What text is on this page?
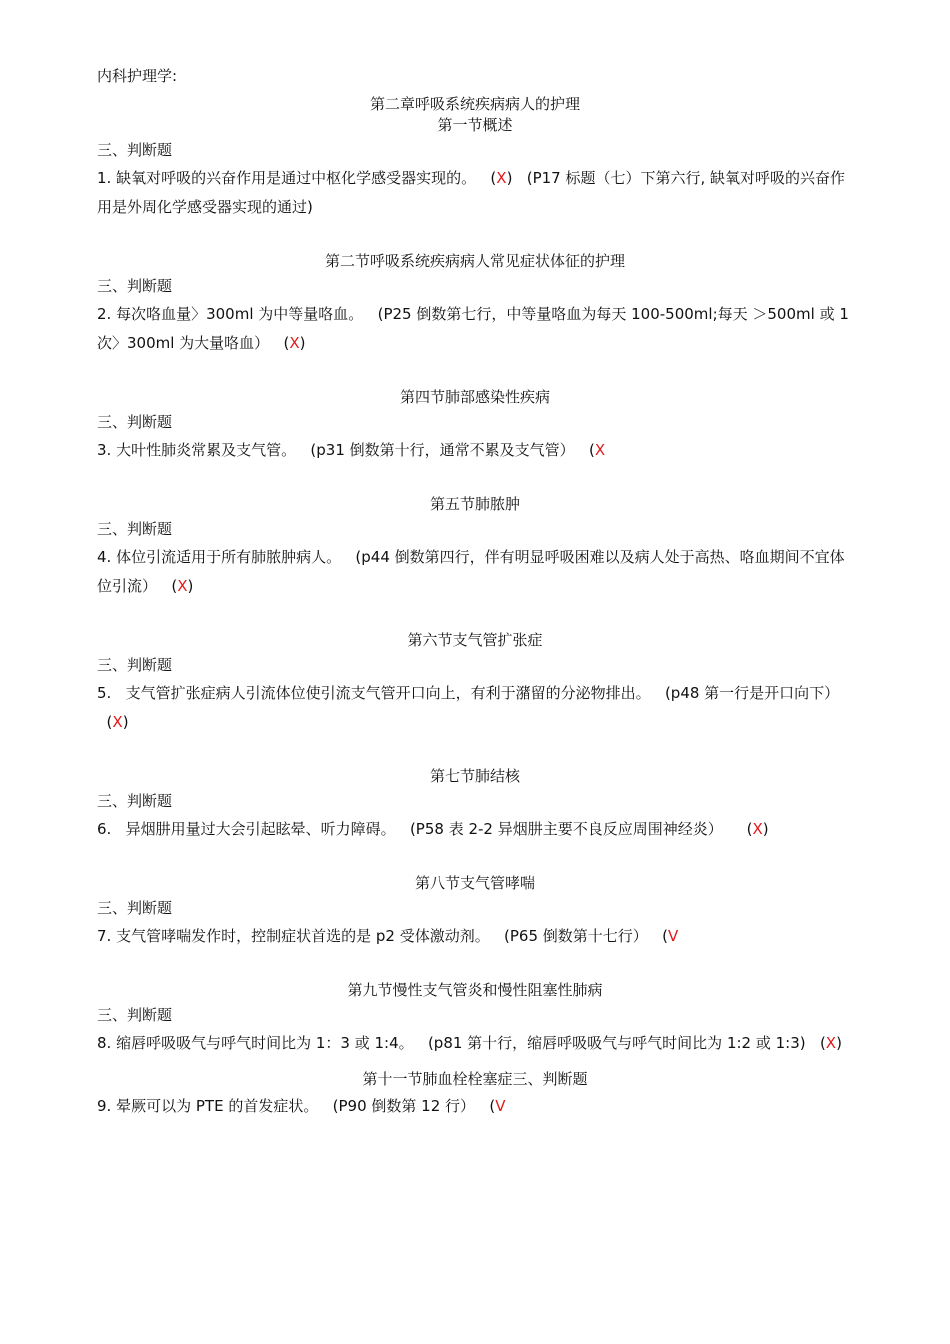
内科护理学:

第二章呼吸系统疾病病人的护理

第一节概述

三、判断题

1. 缺氧对呼吸的兴奋作用是通过中枢化学感受器实现的。 (X) (P17 标题（七）下第六行, 缺氧对呼吸的兴奋作用是外周化学感受器实现的通过)

第二节呼吸系统疾病病人常见症状体征的护理

三、判断题

2. 每次咯血量〉300ml 为中等量咯血。 (P25 倒数第七行，中等量咯血为每天 100-500ml;每天 ＞500ml 或 1 次〉300ml 为大量咯血） (X)

第四节肺部感染性疾病

三、判断题

3. 大叶性肺炎常累及支气管。 (p31 倒数第十行，通常不累及支气管） (X

第五节肺脓肿

三、判断题

4. 体位引流适用于所有肺脓肿病人。 (p44 倒数第四行，伴有明显呼吸困难以及病人处于高热、咯血期间不宜体位引流） (X)

第六节支气管扩张症

三、判断题

5. 支气管扩张症病人引流体位使引流支气管开口向上，有利于潴留的分泌物排出。 (p48 第一行是开口向下）   (X)

第七节肺结核

三、判断题

6. 异烟肼用量过大会引起眩晕、听力障碍。 (P58 表 2-2 异烟肼主要不良反应周围神经炎） (X)

第八节支气管哮喘

三、判断题

7. 支气管哮喘发作时，控制症状首选的是 p2 受体激动剂。 (P65 倒数第十七行） (V

第九节慢性支气管炎和慢性阻塞性肺病

三、判断题

8. 缩唇呼吸吸气与呼气时间比为 1：3 或 1:4。 (p81 第十行，缩唇呼吸吸气与呼气时间比为 1:2 或 1:3) (X)

第十一节肺血栓栓塞症三、判断题

9. 晕厥可以为 PTE 的首发症状。 (P90 倒数第 12 行） (V
